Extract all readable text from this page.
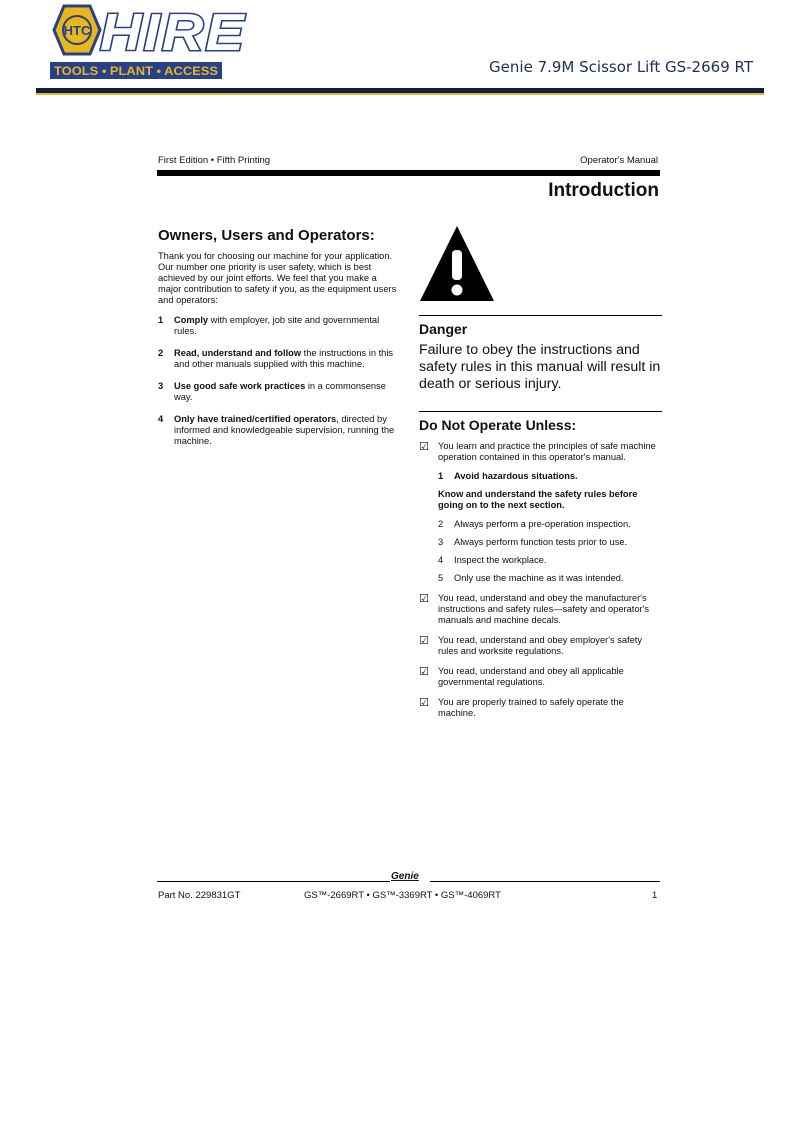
HTC HIRE
TOOLS • PLANT • ACCESS	Genie 7.9M Scissor Lift GS-2669 RT
First Edition • Fifth Printing	Operator's Manual
Introduction
Owners, Users and Operators:

Thank you for choosing our machine for your application. Our number one priority is user safety, which is best achieved by our joint efforts. We feel that you make a major contribution to safety if you, as the equipment users and operators:

1 Comply with employer, job site and governmental rules.
2 Read, understand and follow the instructions in this and other manuals supplied with this machine.
3 Use good safe work practices in a commonsense way.
4 Only have trained/certified operators, directed by informed and knowledgeable supervision, running the machine.
Danger

Failure to obey the instructions and safety rules in this manual will result in death or serious injury.

Do Not Operate Unless:
☑ You learn and practice the principles of safe machine operation contained in this operator's manual.
1 Avoid hazardous situations.
Know and understand the safety rules before going on to the next section.
2 Always perform a pre-operation inspection.
3 Always perform function tests prior to use.
4 Inspect the workplace.
5 Only use the machine as it was intended.
☑ You read, understand and obey the manufacturer's instructions and safety rules—safety and operator's manuals and machine decals.
☑ You read, understand and obey employer's safety rules and worksite regulations.
☑ You read, understand and obey all applicable governmental regulations.
☑ You are properly trained to safely operate the machine.
Genie
Part No. 229831GT	GS™-2669RT • GS™-3369RT • GS™-4069RT	1
